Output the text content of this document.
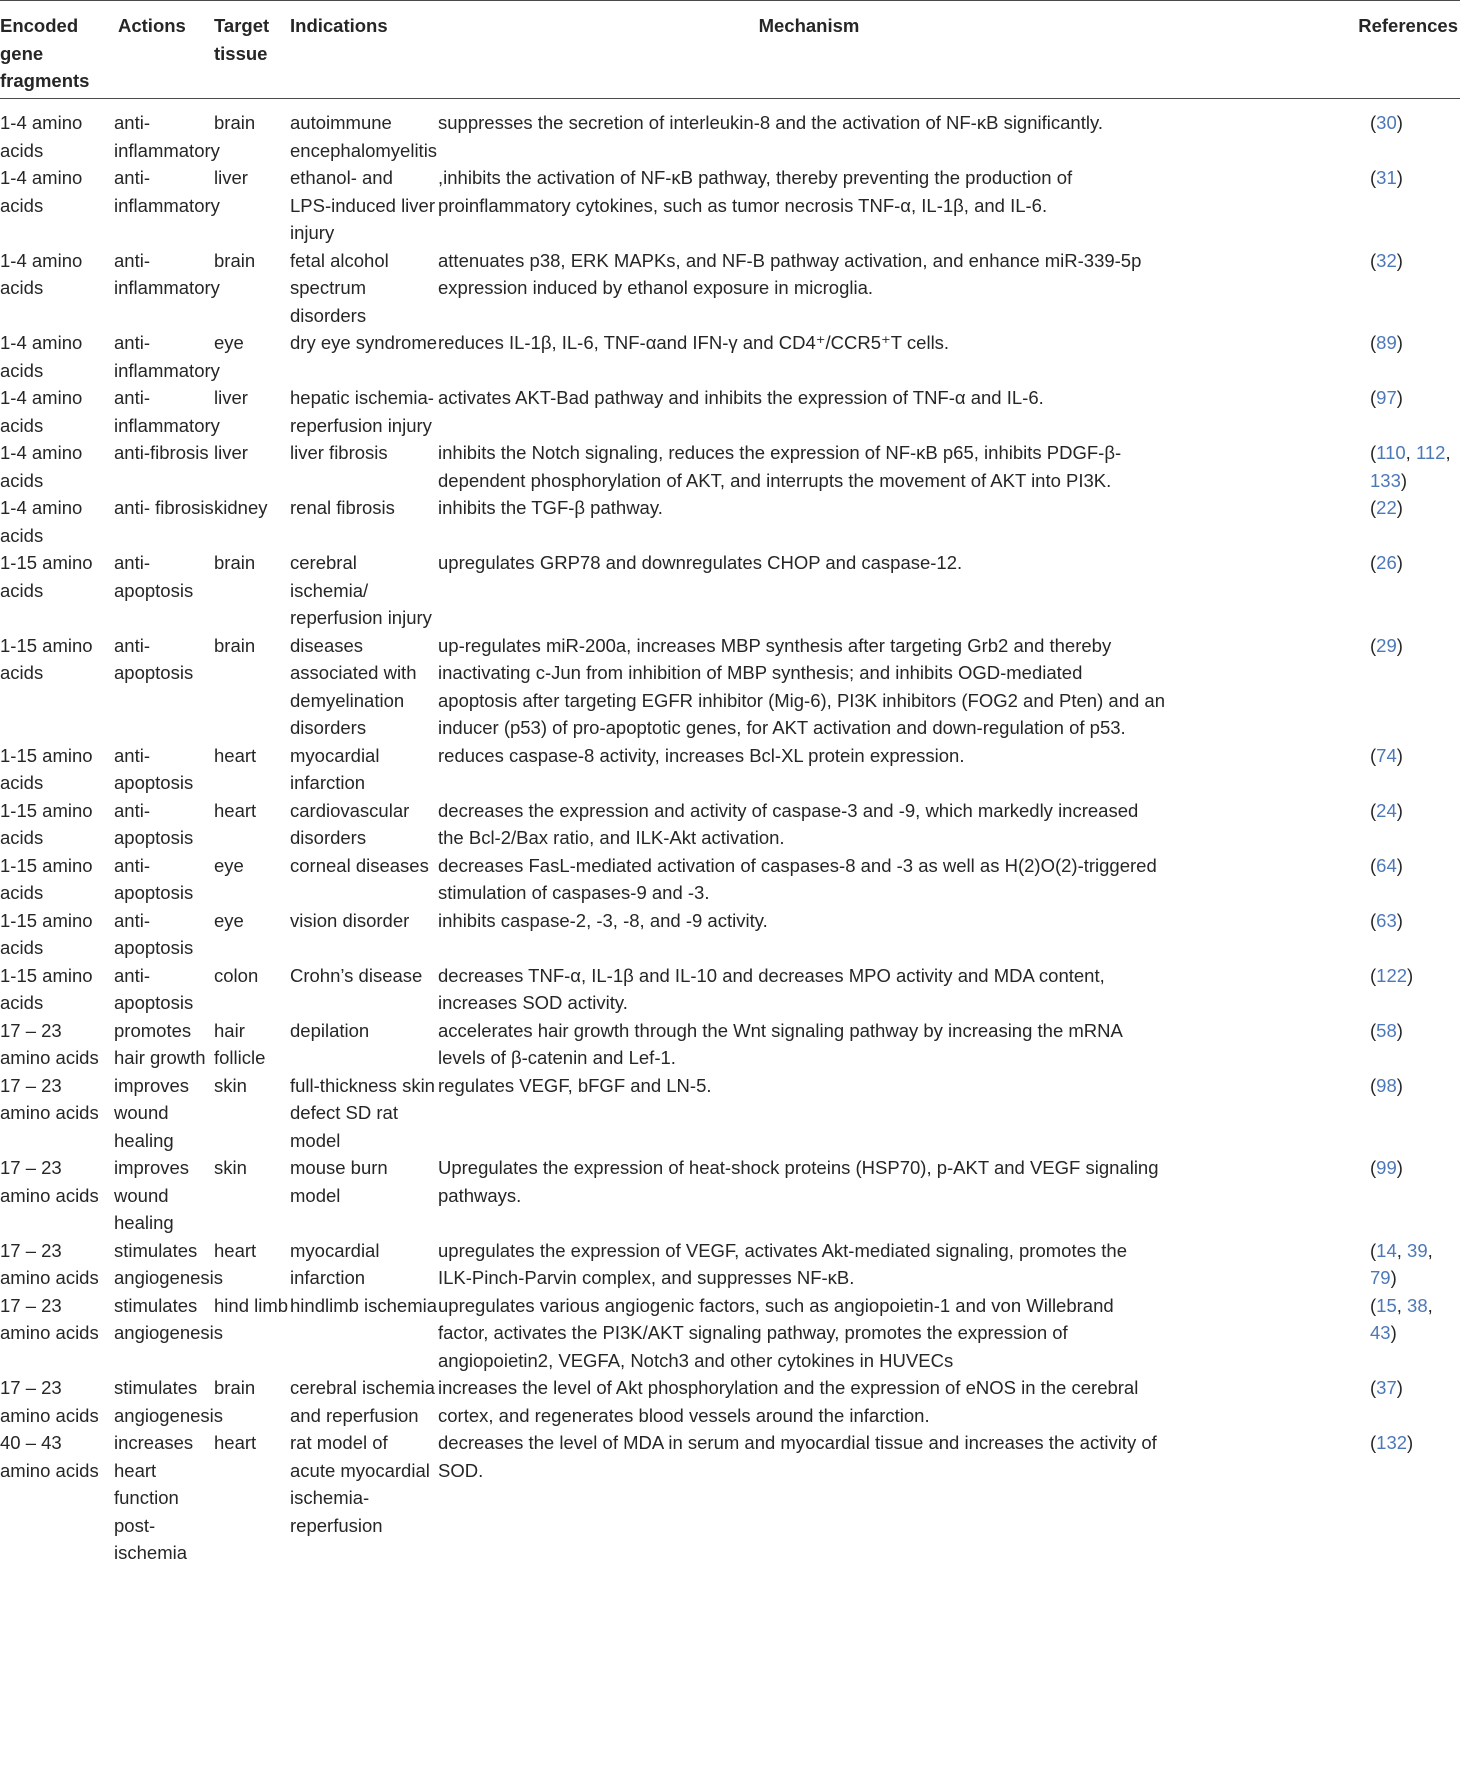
Encoded gene fragments	Actions	Target tissue	Indications	Mechanism	References

1-4 amino acids	anti-inflammatory	brain	autoimmune encephalomyelitis	suppresses the secretion of interleukin-8 and the activation of NF-κB significantly.	(30)
1-4 amino acids	anti-inflammatory	liver	ethanol- and LPS-induced liver injury	,inhibits the activation of NF-κB pathway, thereby preventing the production of proinflammatory cytokines, such as tumor necrosis TNF-α, IL-1β, and IL-6.	(31)
1-4 amino acids	anti-inflammatory	brain	fetal alcohol spectrum disorders	attenuates p38, ERK MAPKs, and NF-B pathway activation, and enhance miR-339-5p expression induced by ethanol exposure in microglia.	(32)
1-4 amino acids	anti-inflammatory	eye	dry eye syndrome	reduces IL-1β, IL-6, TNF-αand IFN-γ and CD4⁺/CCR5⁺T cells.	(89)
1-4 amino acids	anti-inflammatory	liver	hepatic ischemia-reperfusion injury	activates AKT-Bad pathway and inhibits the expression of TNF-α and IL-6.	(97)
1-4 amino acids	anti-fibrosis	liver	liver fibrosis	inhibits the Notch signaling, reduces the expression of NF-κB p65, inhibits PDGF-β-dependent phosphorylation of AKT, and interrupts the movement of AKT into PI3K.	(110, 112, 133)
1-4 amino acids	anti- fibrosis	kidney	renal fibrosis	inhibits the TGF-β pathway.	(22)
1-15 amino acids	anti-apoptosis	brain	cerebral ischemia/ reperfusion injury	upregulates GRP78 and downregulates CHOP and caspase-12.	(26)
1-15 amino acids	anti-apoptosis	brain	diseases associated with demyelination disorders	up-regulates miR-200a, increases MBP synthesis after targeting Grb2 and thereby inactivating c-Jun from inhibition of MBP synthesis; and inhibits OGD-mediated apoptosis after targeting EGFR inhibitor (Mig-6), PI3K inhibitors (FOG2 and Pten) and an inducer (p53) of pro-apoptotic genes, for AKT activation and down-regulation of p53.	(29)
1-15 amino acids	anti-apoptosis	heart	myocardial infarction	reduces caspase-8 activity, increases Bcl-XL protein expression.	(74)
1-15 amino acids	anti-apoptosis	heart	cardiovascular disorders	decreases the expression and activity of caspase-3 and -9, which markedly increased the Bcl-2/Bax ratio, and ILK-Akt activation.	(24)
1-15 amino acids	anti-apoptosis	eye	corneal diseases	decreases FasL-mediated activation of caspases-8 and -3 as well as H(2)O(2)-triggered stimulation of caspases-9 and -3.	(64)
1-15 amino acids	anti-apoptosis	eye	vision disorder	inhibits caspase-2, -3, -8, and -9 activity.	(63)
1-15 amino acids	anti-apoptosis	colon	Crohn’s disease	decreases TNF-α, IL-1β and IL-10 and decreases MPO activity and MDA content, increases SOD activity.	(122)
17 – 23 amino acids	promotes hair growth	hair follicle	depilation	accelerates hair growth through the Wnt signaling pathway by increasing the mRNA levels of β-catenin and Lef-1.	(58)
17 – 23 amino acids	improves wound healing	skin	full-thickness skin defect SD rat model	regulates VEGF, bFGF and LN-5.	(98)
17 – 23 amino acids	improves wound healing	skin	mouse burn model	Upregulates the expression of heat-shock proteins (HSP70), p-AKT and VEGF signaling pathways.	(99)
17 – 23 amino acids	stimulates angiogenesis	heart	myocardial infarction	upregulates the expression of VEGF, activates Akt-mediated signaling, promotes the ILK-Pinch-Parvin complex, and suppresses NF-κB.	(14, 39, 79)
17 – 23 amino acids	stimulates angiogenesis	hind limb	hindlimb ischemia	upregulates various angiogenic factors, such as angiopoietin-1 and von Willebrand factor, activates the PI3K/AKT signaling pathway, promotes the expression of angiopoietin2, VEGFA, Notch3 and other cytokines in HUVECs	(15, 38, 43)
17 – 23 amino acids	stimulates angiogenesis	brain	cerebral ischemia and reperfusion	increases the level of Akt phosphorylation and the expression of eNOS in the cerebral cortex, and regenerates blood vessels around the infarction.	(37)
40 – 43 amino acids	increases heart function post-ischemia	heart	rat model of acute myocardial ischemia-reperfusion	decreases the level of MDA in serum and myocardial tissue and increases the activity of SOD.	(132)
